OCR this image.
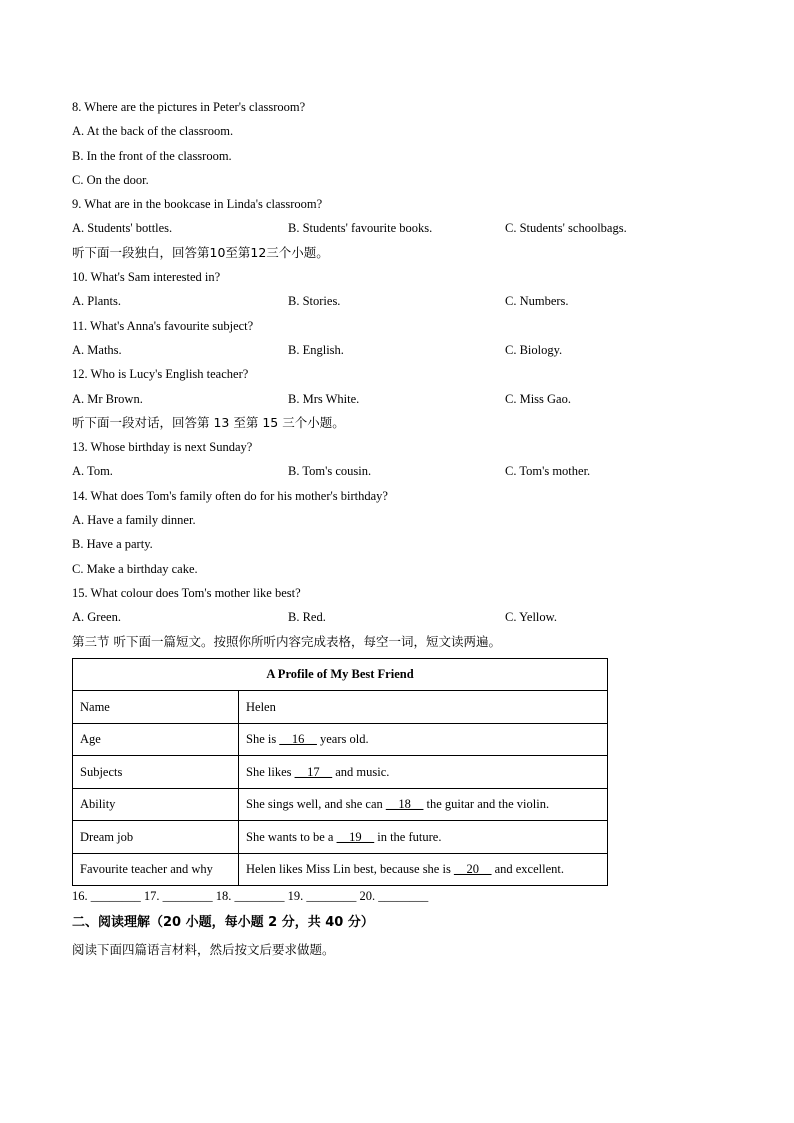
8. Where are the pictures in Peter's classroom?
A. At the back of the classroom.
B. In the front of the classroom.
C. On the door.
9. What are in the bookcase in Linda's classroom?
A. Students' bottles.	B. Students' favourite books.	C. Students' schoolbags.
听下面一段独白，回答第10至第12三个小题。
10. What's Sam interested in?
A. Plants.	B. Stories.	C. Numbers.
11. What's Anna's favourite subject?
A. Maths.	B. English.	C. Biology.
12. Who is Lucy's English teacher?
A. Mr Brown.	B. Mrs White.	C. Miss Gao.
听下面一段对话，回答第 13 至第 15 三个小题。
13. Whose birthday is next Sunday?
A. Tom.	B. Tom's cousin.	C. Tom's mother.
14. What does Tom's family often do for his mother's birthday?
A. Have a family dinner.
B. Have a party.
C. Make a birthday cake.
15. What colour does Tom's mother like best?
A. Green.	B. Red.	C. Yellow.
第三节 听下面一篇短文。按照你所听内容完成表格，每空一词，短文读两遍。
A Profile of My Best Friend	
Name	Helen
Age	She is __16__ years old.
Subjects	She likes __17__ and music.
Ability	She sings well, and she can __18__ the guitar and the violin.
Dream job	She wants to be a __19__ in the future.
Favourite teacher and why	Helen likes Miss Lin best, because she is __20__ and excellent.
16. ________ 17. ________ 18. ________ 19. ________ 20. ________
二、阅读理解（20 小题，每小题 2 分，共 40 分）
阅读下面四篇语言材料，然后按文后要求做题。
